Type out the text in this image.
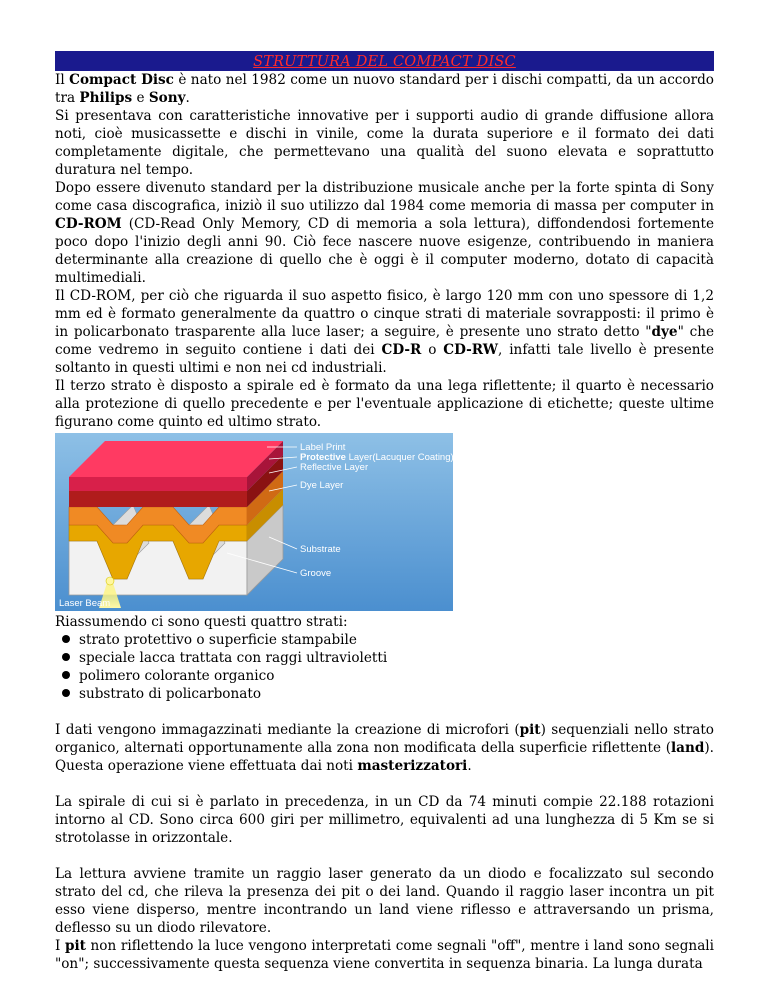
STRUTTURA DEL COMPACT DISC

Il Compact Disc è nato nel 1982 come un nuovo standard per i dischi compatti, da un accordo tra Philips e Sony.

Si presentava con caratteristiche innovative per i supporti audio di grande diffusione allora noti, cioè musicassette e dischi in vinile, come la durata superiore e il formato dei dati completamente digitale, che permettevano una qualità del suono elevata e soprattutto duratura nel tempo.

Dopo essere divenuto standard per la distribuzione musicale anche per la forte spinta di Sony come casa discografica, iniziò il suo utilizzo dal 1984 come memoria di massa per computer in CD-ROM (CD-Read Only Memory, CD di memoria a sola lettura), diffondendosi fortemente poco dopo l'inizio degli anni 90. Ciò fece nascere nuove esigenze, contribuendo in maniera determinante alla creazione di quello che è oggi è il computer moderno, dotato di capacità multimediali.

Il CD-ROM, per ciò che riguarda il suo aspetto fisico, è largo 120 mm con uno spessore di 1,2 mm ed è formato generalmente da quattro o cinque strati di materiale sovrapposti: il primo è in policarbonato trasparente alla luce laser; a seguire, è presente uno strato detto "dye" che come vedremo in seguito contiene i dati dei CD-R o CD-RW, infatti tale livello è presente soltanto in questi ultimi e non nei cd industriali.

Il terzo strato è disposto a spirale ed è formato da una lega riflettente; il quarto è necessario alla protezione di quello precedente e per l'eventuale applicazione di etichette; queste ultime figurano come quinto ed ultimo strato.

Label Print
Protective Layer(Lacuquer Coating)
Reflective Layer
Dye Layer
Substrate
Groove
Laser Beam

Riassumendo ci sono questi quattro strati:

strato protettivo o superficie stampabile
speciale lacca trattata con raggi ultravioletti
polimero colorante organico
substrato di policarbonato

I dati vengono immagazzinati mediante la creazione di microfori (pit) sequenziali nello strato organico, alternati opportunamente alla zona non modificata della superficie riflettente (land). Questa operazione viene effettuata dai noti masterizzatori.

La spirale di cui si è parlato in precedenza, in un CD da 74 minuti compie 22.188 rotazioni intorno al CD. Sono circa 600 giri per millimetro, equivalenti ad una lunghezza di 5 Km se si strotolasse in orizzontale.

La lettura avviene tramite un raggio laser generato da un diodo e focalizzato sul secondo strato del cd, che rileva la presenza dei pit o dei land. Quando il raggio laser incontra un pit esso viene disperso, mentre incontrando un land viene riflesso e attraversando un prisma, deflesso su un diodo rilevatore.

I pit non riflettendo la luce vengono interpretati come segnali "off", mentre i land sono segnali "on"; successivamente questa sequenza viene convertita in sequenza binaria. La lunga durata
